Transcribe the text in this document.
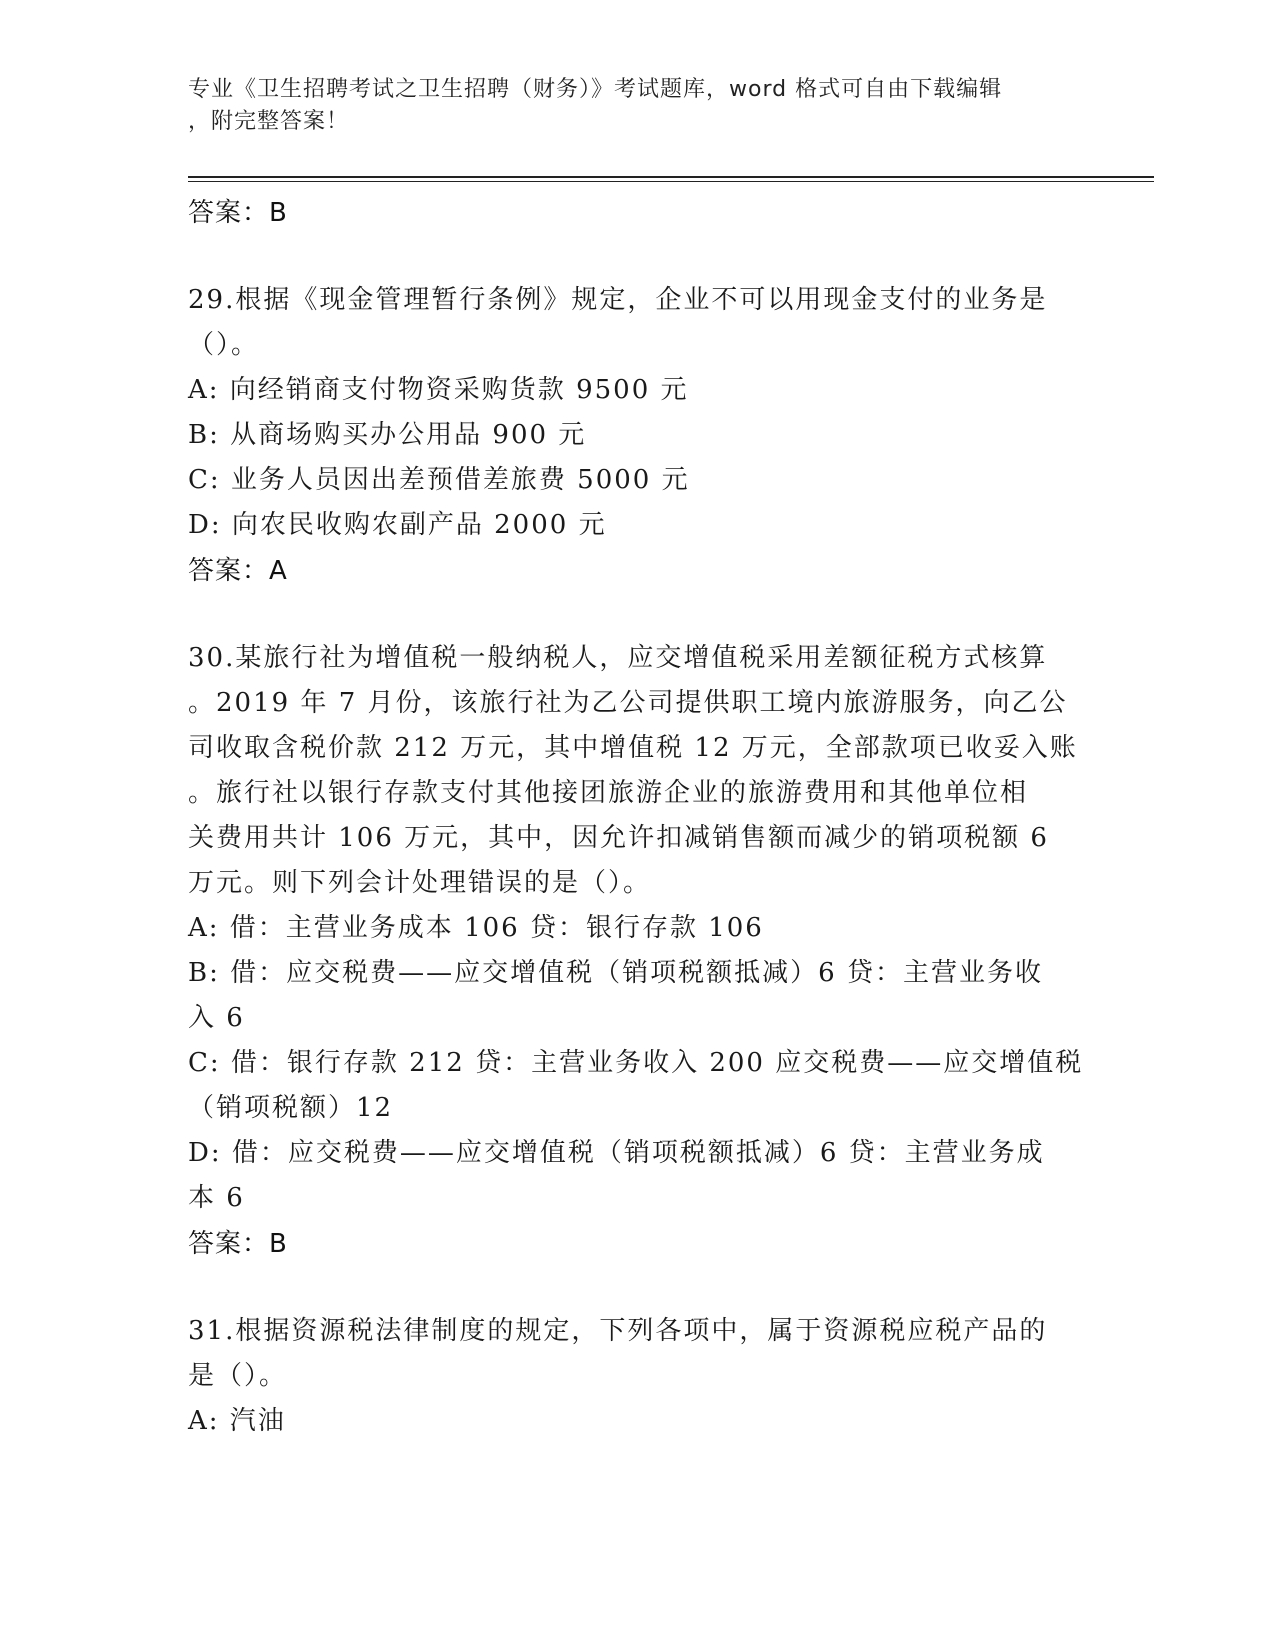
专业《卫生招聘考试之卫生招聘（财务）》考试题库，word 格式可自由下载编辑
，附完整答案！
答案：B
29.根据《现金管理暂行条例》规定，企业不可以用现金支付的业务是
（）。
A: 向经销商支付物资采购货款 9500 元
B: 从商场购买办公用品 900 元
C: 业务人员因出差预借差旅费 5000 元
D: 向农民收购农副产品 2000 元
答案：A
30.某旅行社为增值税一般纳税人，应交增值税采用差额征税方式核算
。2019 年 7 月份，该旅行社为乙公司提供职工境内旅游服务，向乙公
司收取含税价款 212 万元，其中增值税 12 万元，全部款项已收妥入账
。旅行社以银行存款支付其他接团旅游企业的旅游费用和其他单位相
关费用共计 106 万元，其中，因允许扣减销售额而减少的销项税额 6
万元。则下列会计处理错误的是（）。
A: 借：主营业务成本 106 贷：银行存款 106
B: 借：应交税费——应交增值税（销项税额抵减）6 贷：主营业务收
入 6
C: 借：银行存款 212 贷：主营业务收入 200 应交税费——应交增值税
（销项税额）12
D: 借：应交税费——应交增值税（销项税额抵减）6 贷：主营业务成
本 6
答案：B
31.根据资源税法律制度的规定，下列各项中，属于资源税应税产品的
是（）。
A: 汽油
